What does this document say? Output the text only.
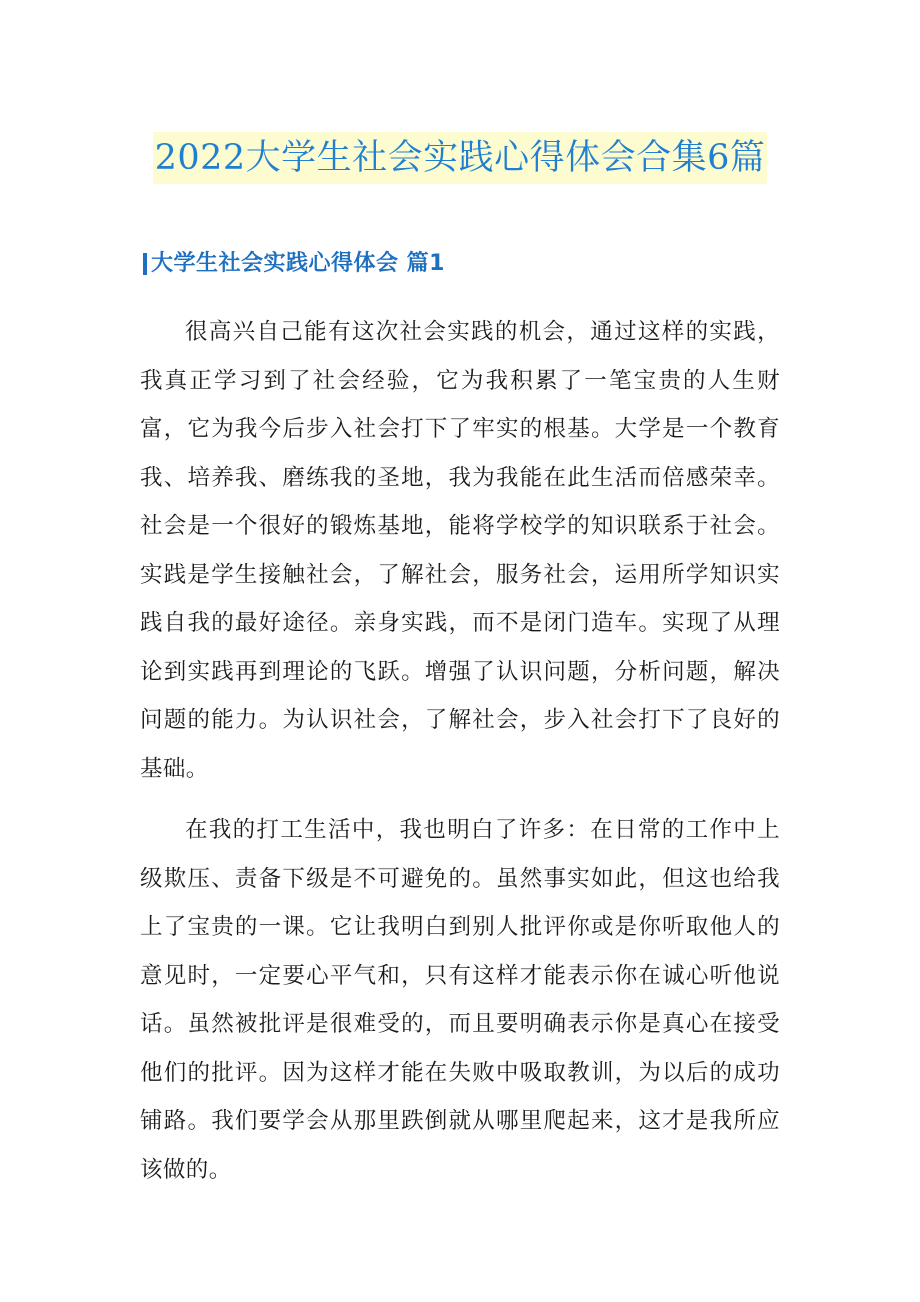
2022大学生社会实践心得体会合集6篇
大学生社会实践心得体会 篇1

很高兴自己能有这次社会实践的机会，通过这样的实践，我真正学习到了社会经验，它为我积累了一笔宝贵的人生财富，它为我今后步入社会打下了牢实的根基。大学是一个教育我、培养我、磨练我的圣地，我为我能在此生活而倍感荣幸。社会是一个很好的锻炼基地，能将学校学的知识联系于社会。实践是学生接触社会，了解社会，服务社会，运用所学知识实践自我的最好途径。亲身实践，而不是闭门造车。实现了从理论到实践再到理论的飞跃。增强了认识问题，分析问题，解决问题的能力。为认识社会，了解社会，步入社会打下了良好的基础。

在我的打工生活中，我也明白了许多：在日常的工作中上级欺压、责备下级是不可避免的。虽然事实如此，但这也给我上了宝贵的一课。它让我明白到别人批评你或是你听取他人的意见时，一定要心平气和，只有这样才能表示你在诚心听他说话。虽然被批评是很难受的，而且要明确表示你是真心在接受他们的批评。因为这样才能在失败中吸取教训，为以后的成功铺路。我们要学会从那里跌倒就从哪里爬起来，这才是我所应该做的。
